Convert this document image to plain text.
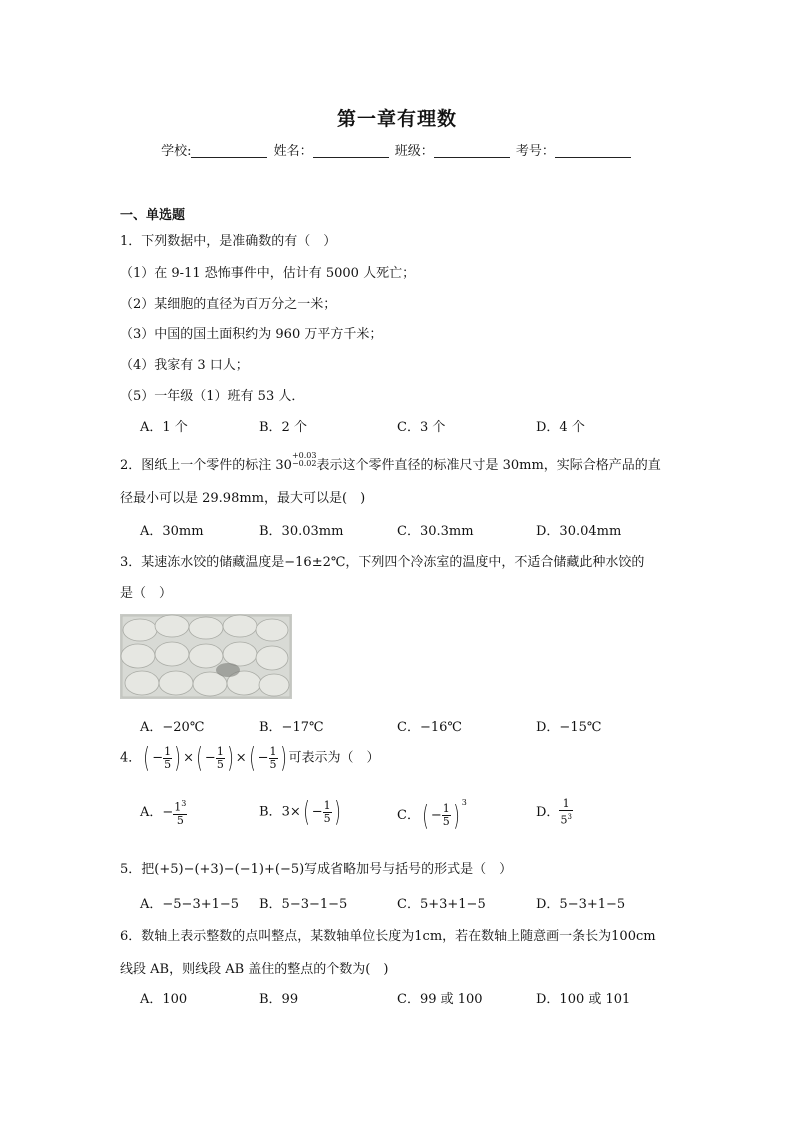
第一章有理数
学校:	姓名：	班级：	考号：
一、单选题
1．下列数据中，是准确数的有（　）
（1）在 9-11 恐怖事件中，估计有 5000 人死亡；
（2）某细胞的直径为百万分之一米；
（3）中国的国土面积约为 960 万平方千米；
（4）我家有 3 口人；
（5）一年级（1）班有 53 人．
A．1 个	B．2 个	C．3 个	D．4 个
2．图纸上一个零件的标注 30+0.03
−0.02表示这个零件直径的标准尺寸是 30mm，实际合格产品的直
径最小可以是 29.98mm，最大可以是(　)
A．30mm	B．30.03mm	C．30.3mm	D．30.04mm
3．某速冻水饺的储藏温度是−16±2℃，下列四个冷冻室的温度中，不适合储藏此种水饺的
是（　）
A．−20℃	B．−17℃	C．−16℃	D．−15℃
4．( − $\frac{1}{5}$ ) ×( − $\frac{1}{5}$ ) ×( − $\frac{1}{5}$ ) 可表示为（　）
A．− $\frac{1^3}{5}$	B．$3\times( - \frac{1}{5}$ )	C．( − $\frac{1}{5}$ ) $^3$
D． $\frac{1}{5^3}$
5．把(+5)−(+3)−(−1)+(−5)写成省略加号与括号的形式是（　）
A．−5−3+1−5 B．5−3−1−5	C．5+3+1−5	D．5−3+1−5
6．数轴上表示整数的点叫整点，某数轴单位长度为1cm，若在数轴上随意画一条长为100cm
线段 AB，则线段 AB 盖住的整点的个数为(　)
A．100	B．99	C．99 或 100	D．100 或 101
